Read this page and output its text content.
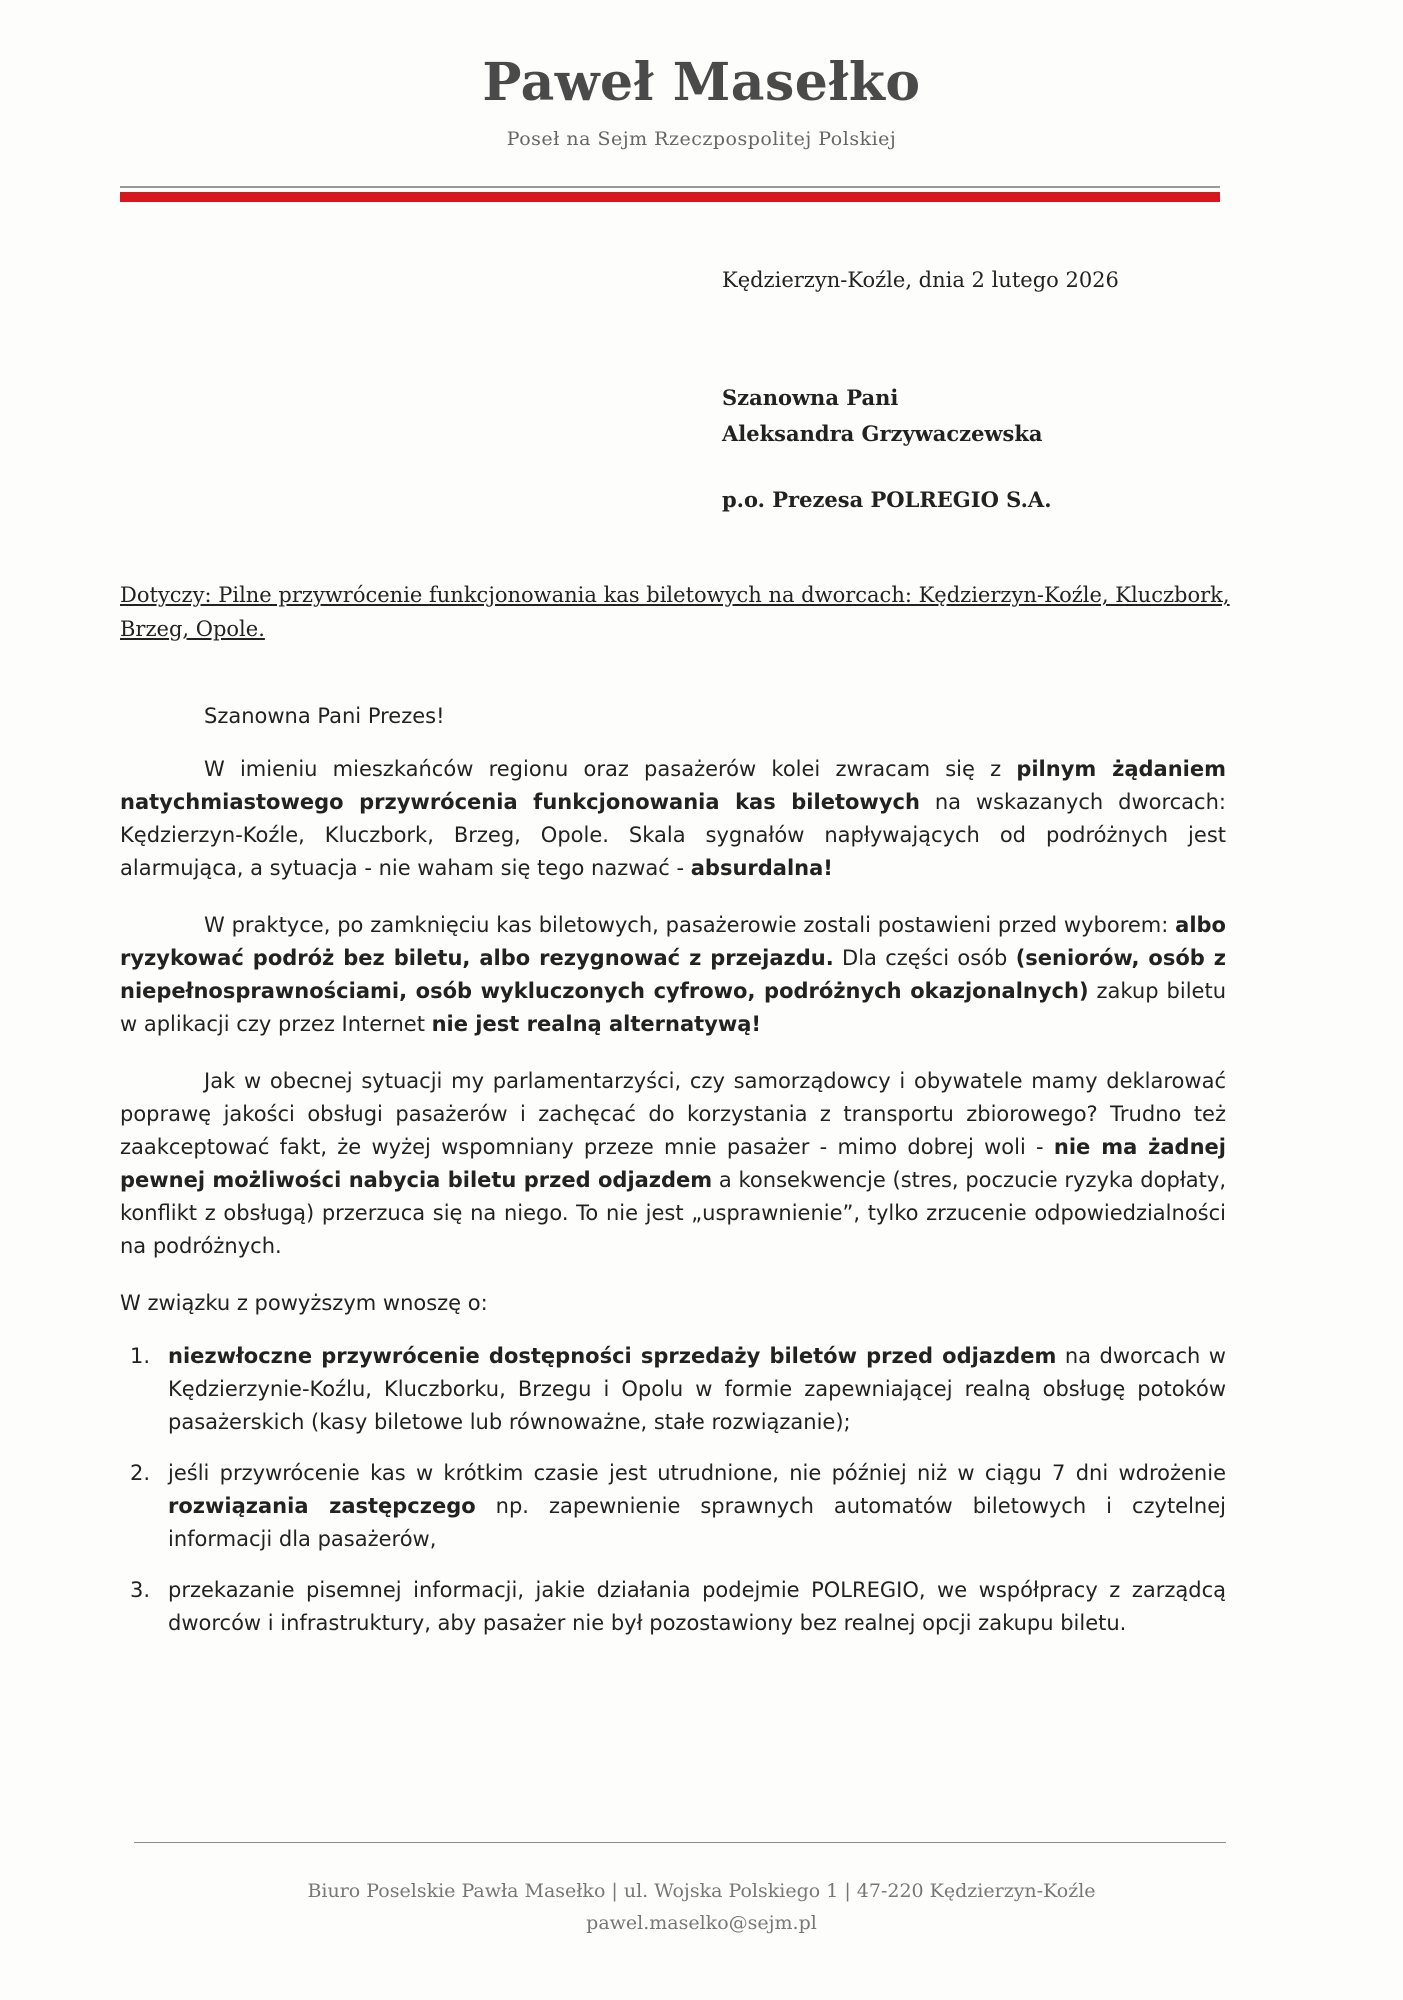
Paweł Masełko
Poseł na Sejm Rzeczpospolitej Polskiej
Kędzierzyn-Koźle, dnia 2 lutego 2026
Szanowna Pani
Aleksandra Grzywaczewska
p.o. Prezesa POLREGIO S.A.
Dotyczy: Pilne przywrócenie funkcjonowania kas biletowych na dworcach: Kędzierzyn-Koźle, Kluczbork, Brzeg, Opole.

Szanowna Pani Prezes!

W imieniu mieszkańców regionu oraz pasażerów kolei zwracam się z pilnym żądaniem natychmiastowego przywrócenia funkcjonowania kas biletowych na wskazanych dworcach: Kędzierzyn-Koźle, Kluczbork, Brzeg, Opole. Skala sygnałów napływających od podróżnych jest alarmująca, a sytuacja - nie waham się tego nazwać - absurdalna!

W praktyce, po zamknięciu kas biletowych, pasażerowie zostali postawieni przed wyborem: albo ryzykować podróż bez biletu, albo rezygnować z przejazdu. Dla części osób (seniorów, osób z niepełnosprawnościami, osób wykluczonych cyfrowo, podróżnych okazjonalnych) zakup biletu w aplikacji czy przez Internet nie jest realną alternatywą!

Jak w obecnej sytuacji my parlamentarzyści, czy samorządowcy i obywatele mamy deklarować poprawę jakości obsługi pasażerów i zachęcać do korzystania z transportu zbiorowego? Trudno też zaakceptować fakt, że wyżej wspomniany przeze mnie pasażer - mimo dobrej woli - nie ma żadnej pewnej możliwości nabycia biletu przed odjazdem a konsekwencje (stres, poczucie ryzyka dopłaty, konflikt z obsługą) przerzuca się na niego. To nie jest „usprawnienie”, tylko zrzucenie odpowiedzialności na podróżnych.

W związku z powyższym wnoszę o:

1. niezwłoczne przywrócenie dostępności sprzedaży biletów przed odjazdem na dworcach w Kędzierzynie-Koźlu, Kluczborku, Brzegu i Opolu w formie zapewniającej realną obsługę potoków pasażerskich (kasy biletowe lub równoważne, stałe rozwiązanie);
2. jeśli przywrócenie kas w krótkim czasie jest utrudnione, nie później niż w ciągu 7 dni wdrożenie rozwiązania zastępczego np. zapewnienie sprawnych automatów biletowych i czytelnej informacji dla pasażerów,
3. przekazanie pisemnej informacji, jakie działania podejmie POLREGIO, we współpracy z zarządcą dworców i infrastruktury, aby pasażer nie był pozostawiony bez realnej opcji zakupu biletu.
Biuro Poselskie Pawła Masełko | ul. Wojska Polskiego 1 | 47-220 Kędzierzyn-Koźle
pawel.maselko@sejm.pl
